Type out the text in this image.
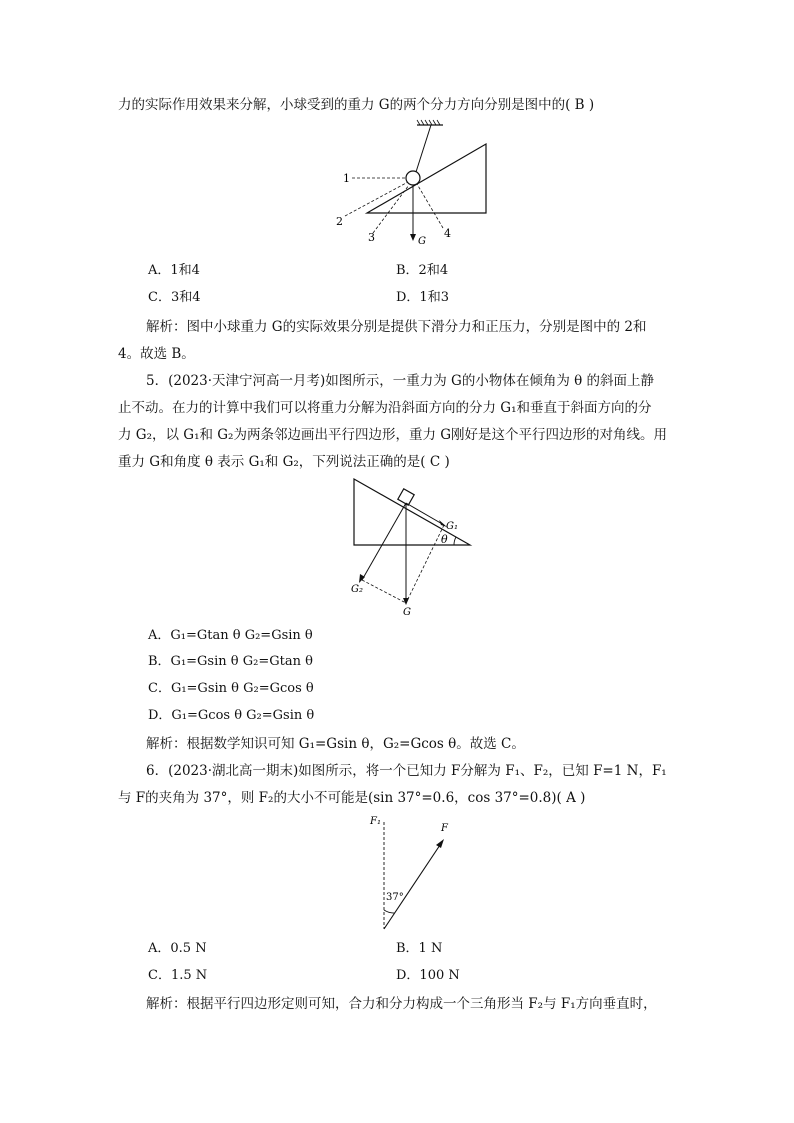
力的实际作用效果来分解，小球受到的重力 G的两个分力方向分别是图中的( B )
1
2
3	4
G
A．1和4	B．2和4
C．3和4	D．1和3
解析：图中小球重力 G的实际效果分别是提供下滑分力和正压力，分别是图中的 2和
4。故选 B。
5．(2023·天津宁河高一月考)如图所示，一重力为 G的小物体在倾角为 θ 的斜面上静
止不动。在力的计算中我们可以将重力分解为沿斜面方向的分力 G₁和垂直于斜面方向的分
力 G₂，以 G₁和 G₂为两条邻边画出平行四边形，重力 G刚好是这个平行四边形的对角线。用
重力 G和角度 θ 表示 G₁和 G₂，下列说法正确的是( C )
G₁
θ
G₂
G
A．G₁=Gtan θ G₂=Gsin θ
B．G₁=Gsin θ G₂=Gtan θ
C．G₁=Gsin θ G₂=Gcos θ
D．G₁=Gcos θ G₂=Gsin θ
解析：根据数学知识可知 G₁=Gsin θ，G₂=Gcos θ。故选 C。
6．(2023·湖北高一期末)如图所示，将一个已知力 F分解为 F₁、F₂，已知 F=1 N，F₁
与 F的夹角为 37°，则 F₂的大小不可能是(sin 37°=0.6，cos 37°=0.8)( A )
F₁
F
37°
A．0.5 N	B．1 N
C．1.5 N	D．100 N
解析：根据平行四边形定则可知，合力和分力构成一个三角形当 F₂与 F₁方向垂直时，
